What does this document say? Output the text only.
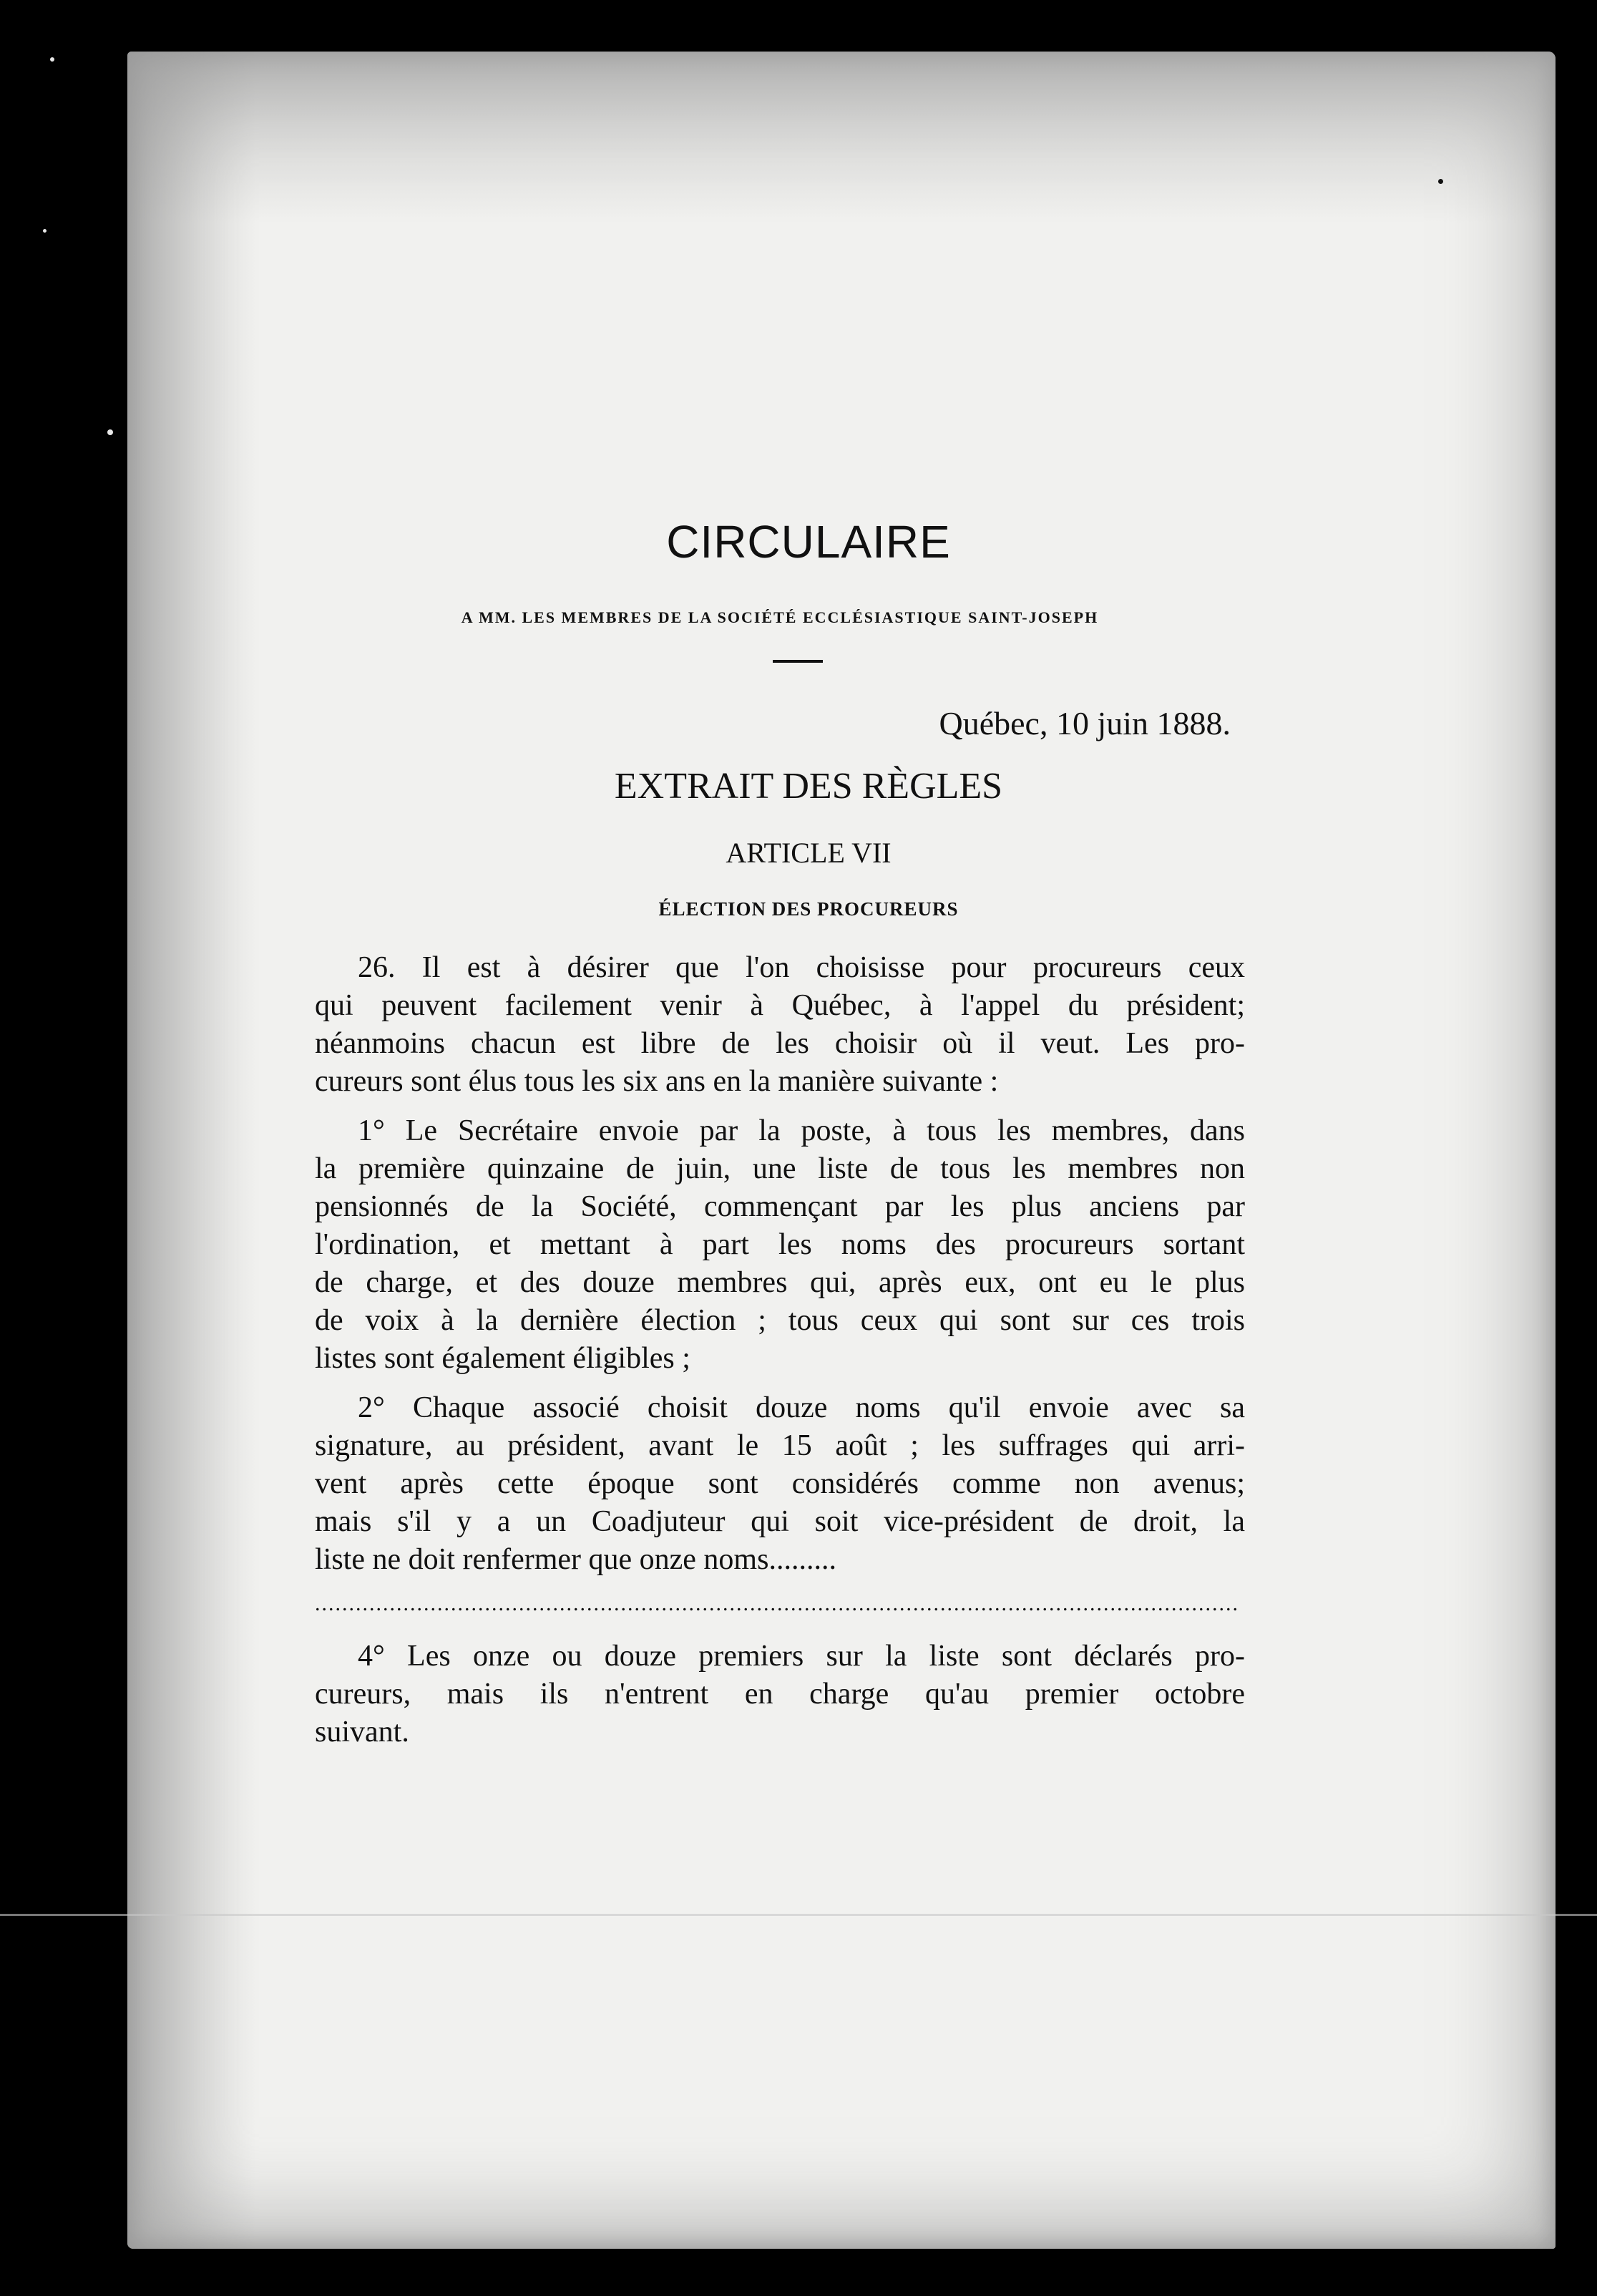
CIRCULAIRE
A MM. LES MEMBRES DE LA SOCIÉTÉ ECCLÉSIASTIQUE SAINT-JOSEPH
Québec, 10 juin 1888.
EXTRAIT DES RÈGLES
ARTICLE VII
ÉLECTION DES PROCUREURS
26. Il est à désirer que l'on choisisse pour procureurs ceux
qui peuvent facilement venir à Québec, à l'appel du président;
néanmoins chacun est libre de les choisir où il veut. Les pro-
cureurs sont élus tous les six ans en la manière suivante :
1° Le Secrétaire envoie par la poste, à tous les membres, dans
la première quinzaine de juin, une liste de tous les membres non
pensionnés de la Société, commençant par les plus anciens par
l'ordination, et mettant à part les noms des procureurs sortant
de charge, et des douze membres qui, après eux, ont eu le plus
de voix à la dernière élection ; tous ceux qui sont sur ces trois
listes sont également éligibles ;
2° Chaque associé choisit douze noms qu'il envoie avec sa
signature, au président, avant le 15 août ; les suffrages qui arri-
vent après cette époque sont considérés comme non avenus;
mais s'il y a un Coadjuteur qui soit vice-président de droit, la
liste ne doit renfermer que onze noms.........
........................................................................................................................................
4° Les onze ou douze premiers sur la liste sont déclarés pro-
cureurs, mais ils n'entrent en charge qu'au premier octobre
suivant.
